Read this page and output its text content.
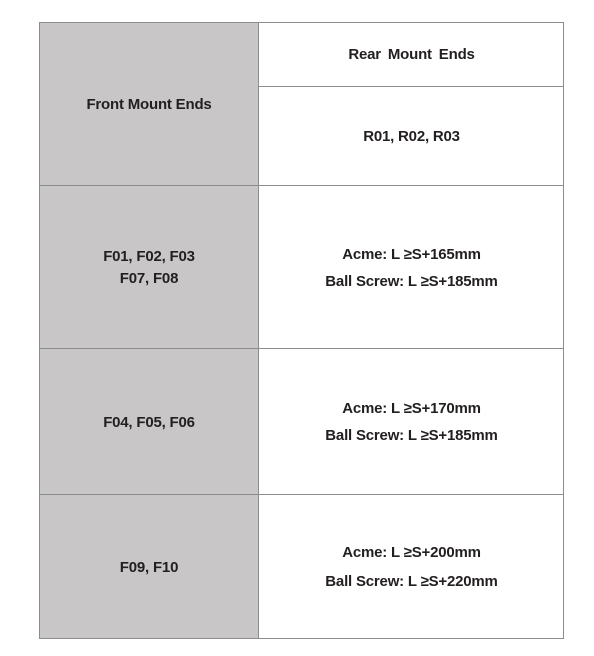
Front Mount Ends
Rear Mount Ends
R01, R02, R03
F01, F02, F03
F07, F08
Acme: L ≥S+165mm
Ball Screw: L ≥S+185mm
F04, F05, F06
Acme: L ≥S+170mm
Ball Screw: L ≥S+185mm
F09, F10
Acme: L ≥S+200mm
Ball Screw: L ≥S+220mm
